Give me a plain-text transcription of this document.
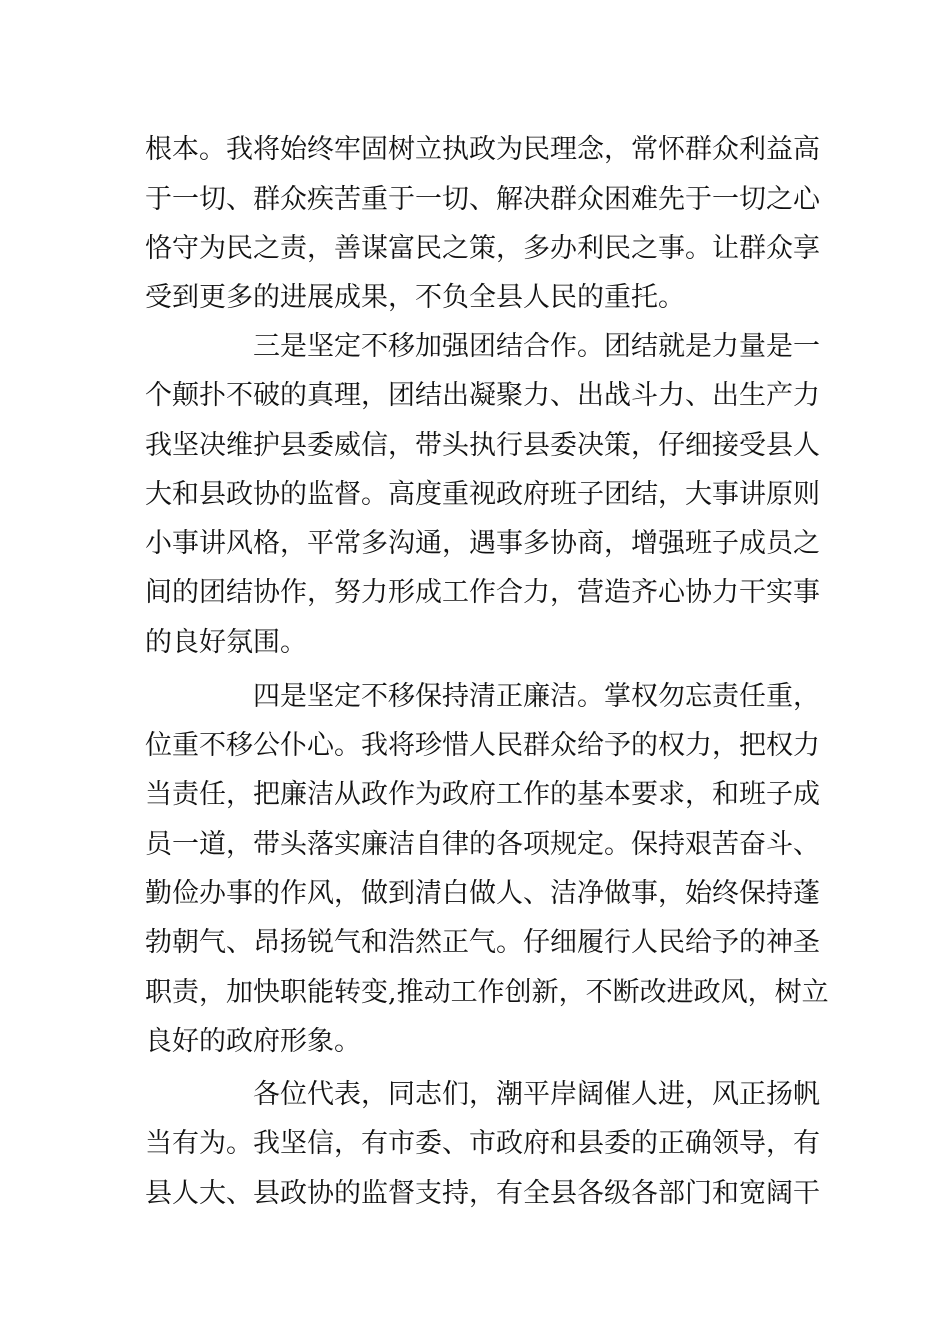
根本。我将始终牢固树立执政为民理念，常怀群众利益高
于一切、群众疾苦重于一切、解决群众困难先于一切之心
恪守为民之责，善谋富民之策，多办利民之事。让群众享
受到更多的进展成果，不负全县人民的重托。
三是坚定不移加强团结合作。团结就是力量是一
个颠扑不破的真理，团结出凝聚力、出战斗力、出生产力
我坚决维护县委威信，带头执行县委决策，仔细接受县人
大和县政协的监督。高度重视政府班子团结，大事讲原则
小事讲风格，平常多沟通，遇事多协商，增强班子成员之
间的团结协作，努力形成工作合力，营造齐心协力干实事
的良好氛围。
四是坚定不移保持清正廉洁。掌权勿忘责任重，
位重不移公仆心。我将珍惜人民群众给予的权力，把权力
当责任，把廉洁从政作为政府工作的基本要求，和班子成
员一道，带头落实廉洁自律的各项规定。保持艰苦奋斗、
勤俭办事的作风，做到清白做人、洁净做事，始终保持蓬
勃朝气、昂扬锐气和浩然正气。仔细履行人民给予的神圣
职责，加快职能转变,推动工作创新，不断改进政风，树立
良好的政府形象。
各位代表，同志们，潮平岸阔催人进，风正扬帆
当有为。我坚信，有市委、市政府和县委的正确领导，有
县人大、县政协的监督支持，有全县各级各部门和宽阔干
